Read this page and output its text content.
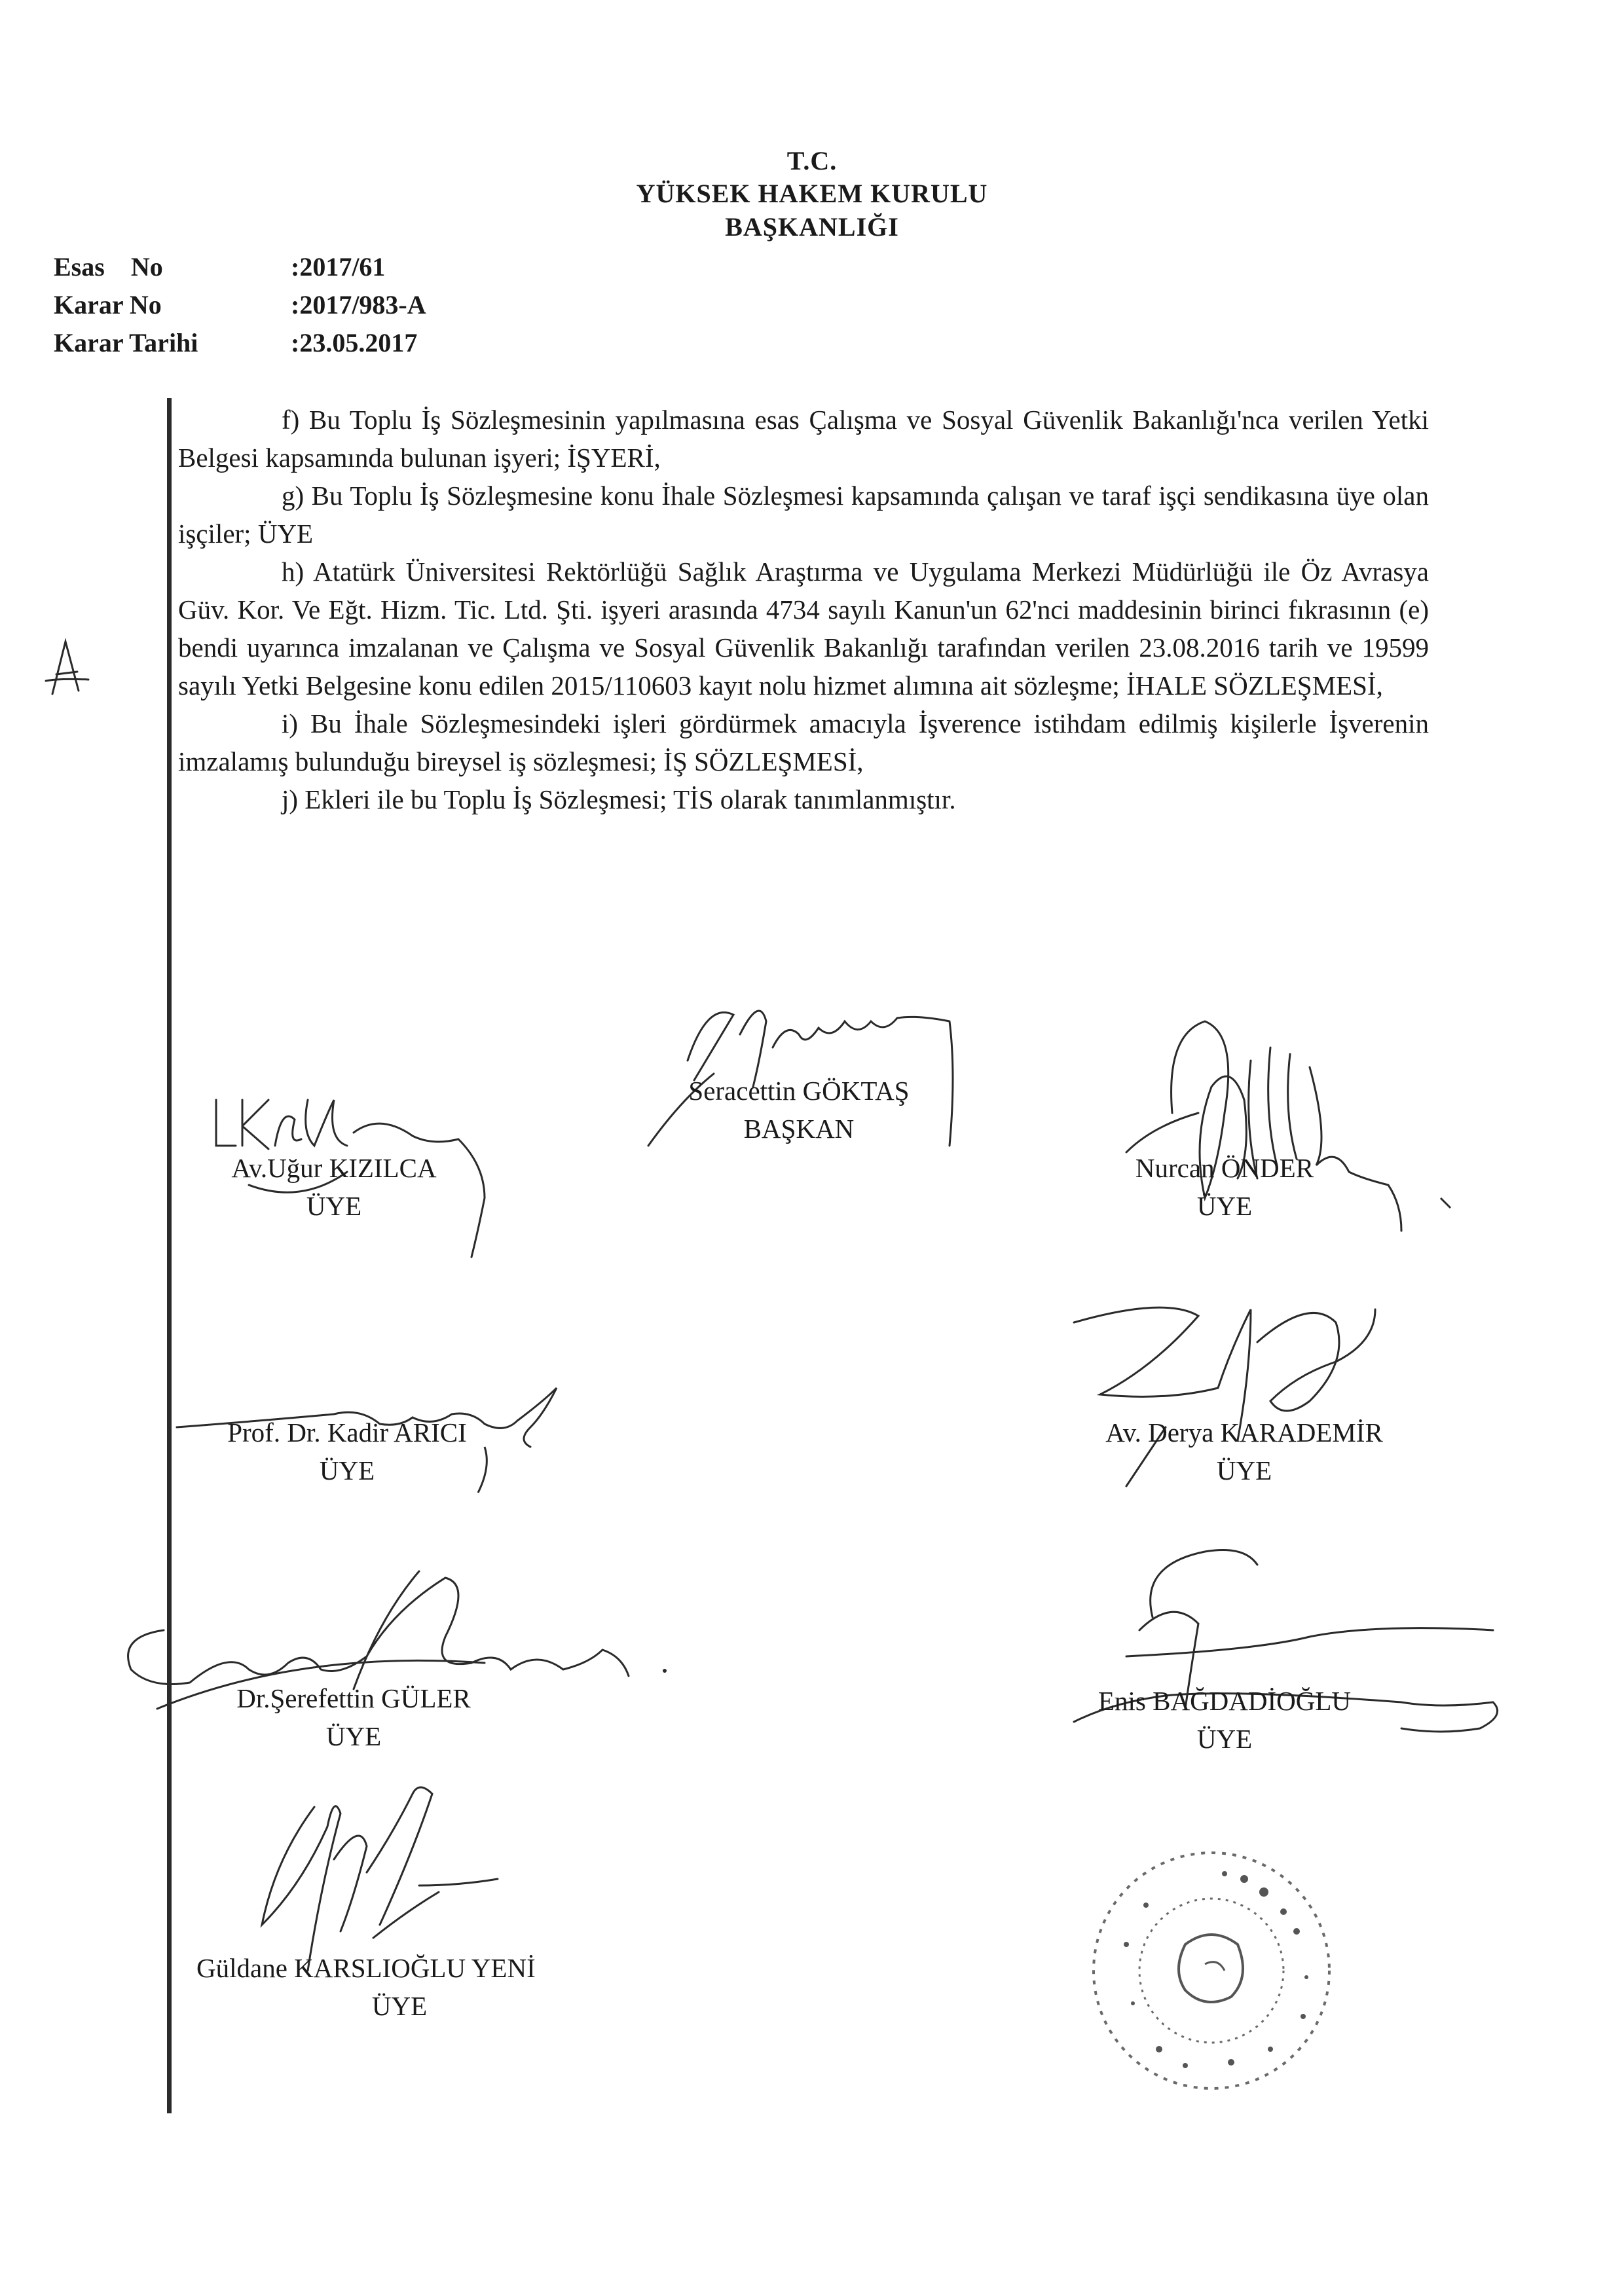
T.C.
YÜKSEK HAKEM KURULU
BAŞKANLIĞI
Esas    No	:2017/61
Karar No	:2017/983-A
Karar Tarihi	:23.05.2017

f) Bu Toplu İş Sözleşmesinin yapılmasına esas Çalışma ve Sosyal Güvenlik Bakanlığı'nca verilen Yetki Belgesi kapsamında bulunan işyeri; İŞYERİ,

g) Bu Toplu İş Sözleşmesine konu İhale Sözleşmesi kapsamında çalışan ve taraf işçi sendikasına üye olan işçiler; ÜYE

h) Atatürk Üniversitesi Rektörlüğü Sağlık Araştırma ve Uygulama Merkezi Müdürlüğü ile Öz Avrasya Güv. Kor. Ve Eğt. Hizm. Tic. Ltd. Şti. işyeri arasında 4734 sayılı Kanun'un 62'nci maddesinin birinci fıkrasının (e) bendi uyarınca imzalanan ve Çalışma ve Sosyal Güvenlik Bakanlığı tarafından verilen 23.08.2016 tarih ve 19599 sayılı Yetki Belgesine konu edilen 2015/110603 kayıt nolu hizmet alımına ait sözleşme; İHALE SÖZLEŞMESİ,

i) Bu İhale Sözleşmesindeki işleri gördürmek amacıyla İşverence istihdam edilmiş kişilerle İşverenin imzalamış bulunduğu bireysel iş sözleşmesi; İŞ SÖZLEŞMESİ,

j) Ekleri ile bu Toplu İş Sözleşmesi; TİS olarak tanımlanmıştır.

Seracettin GÖKTAŞ
BAŞKAN
Av.Uğur KIZILCA
ÜYE
Nurcan ÖNDER
ÜYE
Prof. Dr. Kadir ARICI
ÜYE
Av. Derya KARADEMİR
ÜYE
Dr.Şerefettin GÜLER
ÜYE
Enis BAĞDADİOĞLU
ÜYE
Güldane KARSLIOĞLU YENİ
ÜYE
